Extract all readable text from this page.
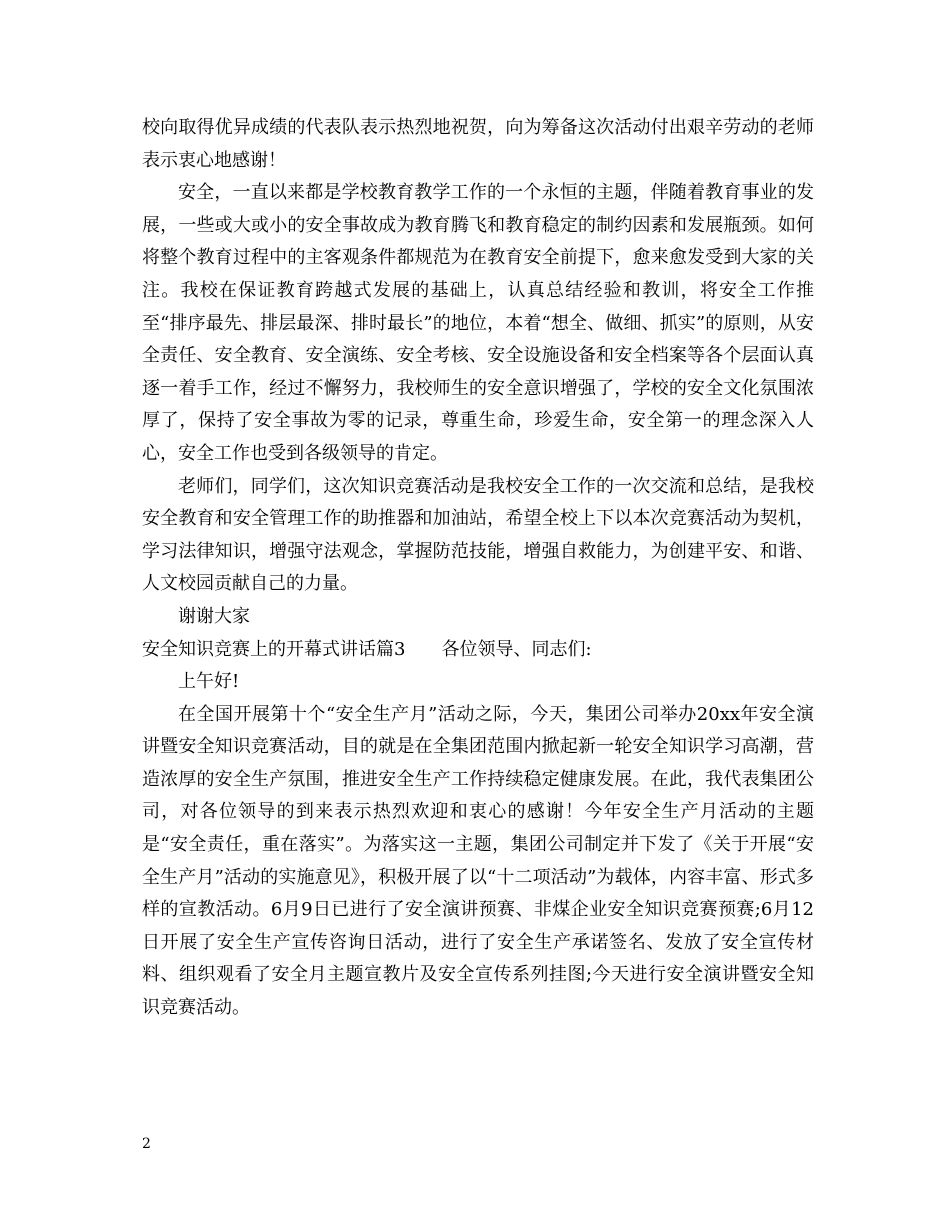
校向取得优异成绩的代表队表示热烈地祝贺，向为筹备这次活动付出艰辛劳动的老师表示衷心地感谢！

安全，一直以来都是学校教育教学工作的一个永恒的主题，伴随着教育事业的发展，一些或大或小的安全事故成为教育腾飞和教育稳定的制约因素和发展瓶颈。如何将整个教育过程中的主客观条件都规范为在教育安全前提下，愈来愈发受到大家的关注。我校在保证教育跨越式发展的基础上，认真总结经验和教训，将安全工作推至“排序最先、排层最深、排时最长”的地位，本着“想全、做细、抓实”的原则，从安全责任、安全教育、安全演练、安全考核、安全设施设备和安全档案等各个层面认真逐一着手工作，经过不懈努力，我校师生的安全意识增强了，学校的安全文化氛围浓厚了，保持了安全事故为零的记录，尊重生命，珍爱生命，安全第一的理念深入人心，安全工作也受到各级领导的肯定。

老师们，同学们，这次知识竞赛活动是我校安全工作的一次交流和总结，是我校安全教育和安全管理工作的助推器和加油站，希望全校上下以本次竞赛活动为契机，学习法律知识，增强守法观念，掌握防范技能，增强自救能力，为创建平安、和谐、人文校园贡献自己的力量。

谢谢大家

安全知识竞赛上的开幕式讲话篇3 各位领导、同志们:

上午好!

在全国开展第十个“安全生产月”活动之际，今天，集团公司举办20xx年安全演讲暨安全知识竞赛活动，目的就是在全集团范围内掀起新一轮安全知识学习高潮，营造浓厚的安全生产氛围，推进安全生产工作持续稳定健康发展。在此，我代表集团公司，对各位领导的到来表示热烈欢迎和衷心的感谢！今年安全生产月活动的主题是“安全责任，重在落实”。为落实这一主题，集团公司制定并下发了《关于开展“安全生产月”活动的实施意见》，积极开展了以“十二项活动”为载体，内容丰富、形式多样的宣教活动。6月9日已进行了安全演讲预赛、非煤企业安全知识竞赛预赛;6月12日开展了安全生产宣传咨询日活动，进行了安全生产承诺签名、发放了安全宣传材料、组织观看了安全月主题宣教片及安全宣传系列挂图;今天进行安全演讲暨安全知识竞赛活动。

2
